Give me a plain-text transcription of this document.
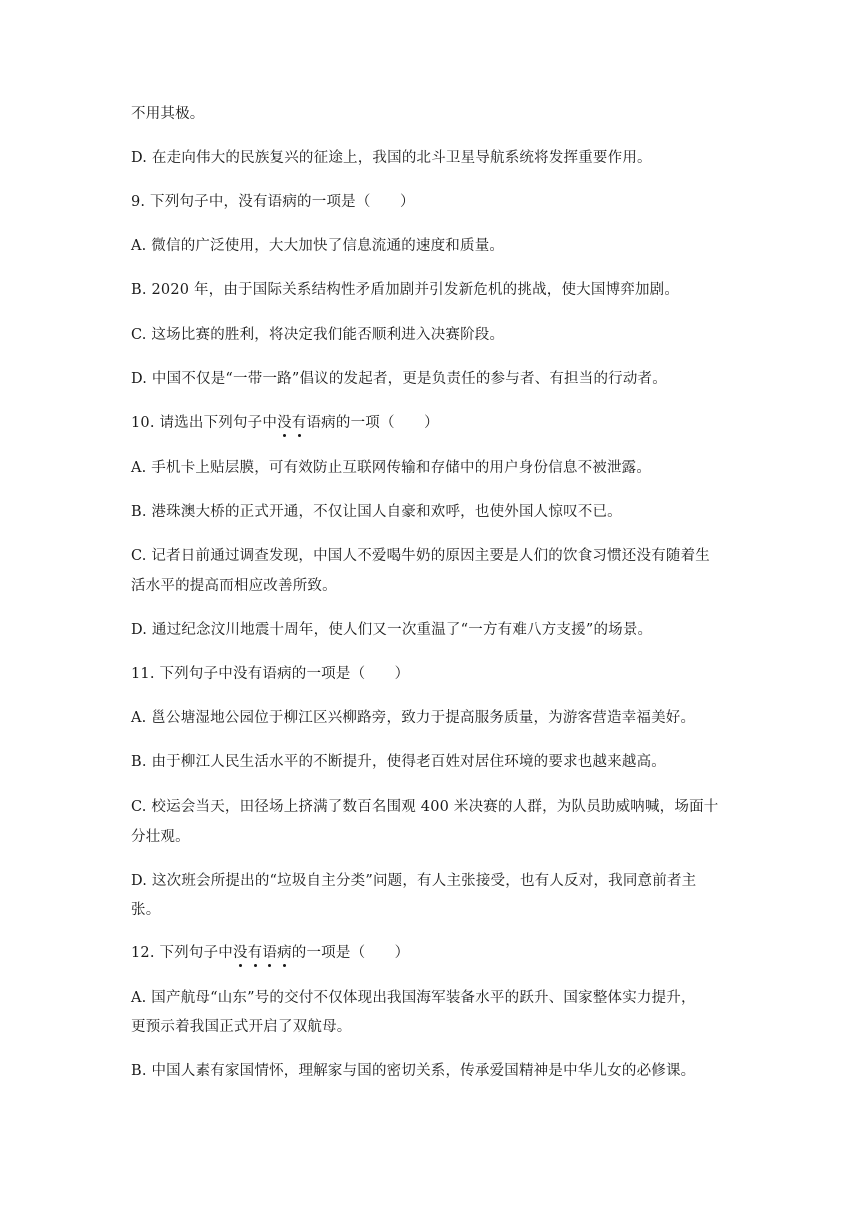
不用其极。
D. 在走向伟大的民族复兴的征途上，我国的北斗卫星导航系统将发挥重要作用。
9. 下列句子中，没有语病的一项是（　　）
A. 微信的广泛使用，大大加快了信息流通的速度和质量。
B. 2020 年，由于国际关系结构性矛盾加剧并引发新危机的挑战，使大国博弈加剧。
C. 这场比赛的胜利，将决定我们能否顺利进入决赛阶段。
D. 中国不仅是“一带一路”倡议的发起者，更是负责任的参与者、有担当的行动者。
10. 请选出下列句子中没有语病的一项（　　）
A. 手机卡上贴层膜，可有效防止互联网传输和存储中的用户身份信息不被泄露。
B. 港珠澳大桥的正式开通，不仅让国人自豪和欢呼，也使外国人惊叹不已。
C. 记者日前通过调查发现，中国人不爱喝牛奶的原因主要是人们的饮食习惯还没有随着生
活水平的提高而相应改善所致。
D. 通过纪念汶川地震十周年，使人们又一次重温了“一方有难八方支援”的场景。
11. 下列句子中没有语病的一项是（　　）
A. 邕公塘湿地公园位于柳江区兴柳路旁，致力于提高服务质量，为游客营造幸福美好。
B. 由于柳江人民生活水平的不断提升，使得老百姓对居住环境的要求也越来越高。
C. 校运会当天，田径场上挤满了数百名围观 400 米决赛的人群，为队员助威呐喊，场面十
分壮观。
D. 这次班会所提出的“垃圾自主分类”问题，有人主张接受，也有人反对，我同意前者主
张。
12. 下列句子中没有语病的一项是（　　）
A. 国产航母“山东”号的交付不仅体现出我国海军装备水平的跃升、国家整体实力提升，
更预示着我国正式开启了双航母。
B. 中国人素有家国情怀，理解家与国的密切关系，传承爱国精神是中华儿女的必修课。
